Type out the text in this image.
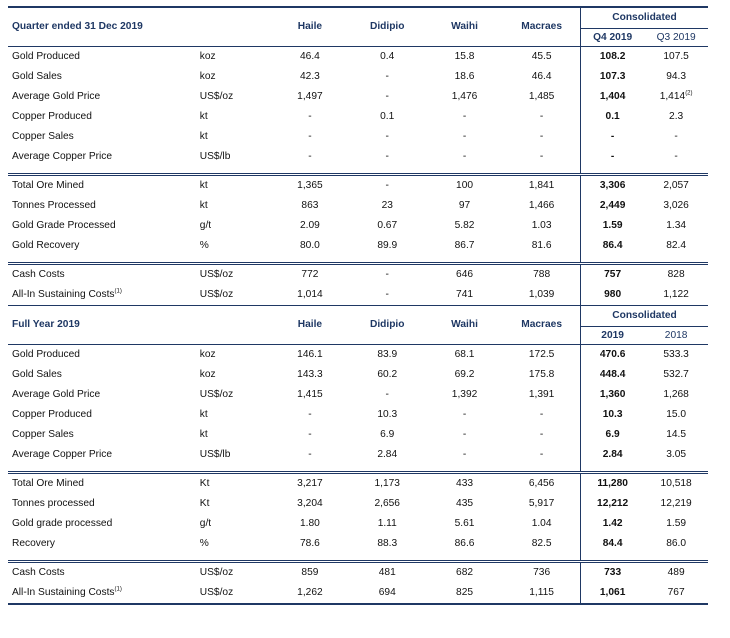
Quarter ended 31 Dec 2019		Haile	Didipio	Waihi	Macraes	Consolidated	
						Q4 2019	Q3 2019
Gold Produced	koz	46.4	0.4	15.8	45.5	108.2	107.5
Gold Sales	koz	42.3	-	18.6	46.4	107.3	94.3
Average Gold Price	US$/oz	1,497	-	1,476	1,485	1,404	1,414$^{(2)}$
Copper Produced	kt	-	0.1	-	-	0.1	2.3
Copper Sales	kt	-	-	-	-	-	-
Average Copper Price	US$/lb	-	-	-	-	-	-

Total Ore Mined	kt	1,365	-	100	1,841	3,306	2,057
Tonnes Processed	kt	863	23	97	1,466	2,449	3,026
Gold Grade Processed	g/t	2.09	0.67	5.82	1.03	1.59	1.34
Gold Recovery	%	80.0	89.9	86.7	81.6	86.4	82.4

Cash Costs	US$/oz	772	-	646	788	757	828
All-In Sustaining Costs$^{(1)}$	US$/oz	1,014	-	741	1,039	980	1,122
Full Year 2019		Haile	Didipio	Waihi	Macraes	Consolidated	
						2019	2018
Gold Produced	koz	146.1	83.9	68.1	172.5	470.6	533.3
Gold Sales	koz	143.3	60.2	69.2	175.8	448.4	532.7
Average Gold Price	US$/oz	1,415	-	1,392	1,391	1,360	1,268
Copper Produced	kt	-	10.3	-	-	10.3	15.0
Copper Sales	kt	-	6.9	-	-	6.9	14.5
Average Copper Price	US$/lb	-	2.84	-	-	2.84	3.05

Total Ore Mined	Kt	3,217	1,173	433	6,456	11,280	10,518
Tonnes processed	Kt	3,204	2,656	435	5,917	12,212	12,219
Gold grade processed	g/t	1.80	1.11	5.61	1.04	1.42	1.59
Recovery	%	78.6	88.3	86.6	82.5	84.4	86.0

Cash Costs	US$/oz	859	481	682	736	733	489
All-In Sustaining Costs$^{(1)}$	US$/oz	1,262	694	825	1,115	1,061	767
